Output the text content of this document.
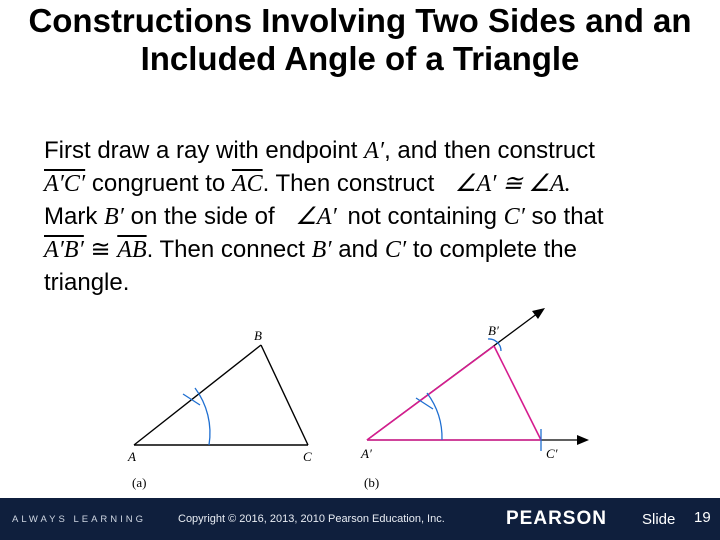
Constructions Involving Two Sides and an Included Angle of a Triangle
First draw a ray with endpoint A′, and then construct
A′C′ congruent to $\overline{AC}$. Then construct ∠A′ ≅ ∠A.
Mark B′ on the side of ∠A′ not containing C′ so that
A′B′ ≅ $\overline{AB}$. Then connect B′ and C′ to complete the
triangle.
B
A	C
(a)
B′
A′	C′
(b)
ALWAYS LEARNING	Copyright © 2016, 2013, 2010 Pearson Education, Inc.	PEARSON Slide 19
